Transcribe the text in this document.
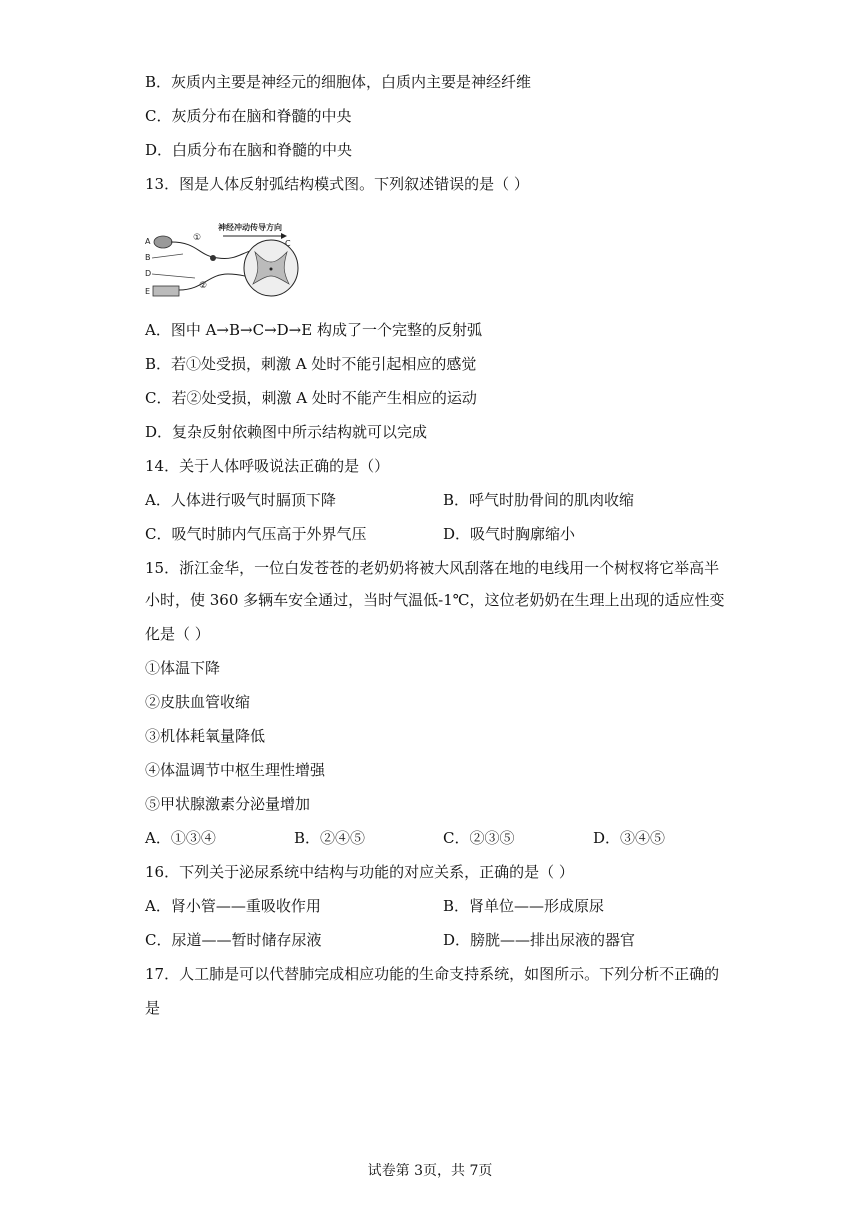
B．灰质内主要是神经元的细胞体，白质内主要是神经纤维
C．灰质分布在脑和脊髓的中央
D．白质分布在脑和脊髓的中央
13．图是人体反射弧结构模式图。下列叙述错误的是（ ）
神经冲动传导方向
A
B
D
E
C
①
②
A．图中 A→B→C→D→E 构成了一个完整的反射弧
B．若①处受损，刺激 A 处时不能引起相应的感觉
C．若②处受损，刺激 A 处时不能产生相应的运动
D．复杂反射依赖图中所示结构就可以完成
14．关于人体呼吸说法正确的是（）
A．人体进行吸气时膈顶下降	B．呼气时肋骨间的肌肉收缩
C．吸气时肺内气压高于外界气压	D．吸气时胸廓缩小
15．浙江金华，一位白发苍苍的老奶奶将被大风刮落在地的电线用一个树杈将它举高半
小时，使 360 多辆车安全通过，当时气温低-1℃，这位老奶奶在生理上出现的适应性变
化是（ ）
①体温下降
②皮肤血管收缩
③机体耗氧量降低
④体温调节中枢生理性增强
⑤甲状腺激素分泌量增加
A．①③④	B．②④⑤	C．②③⑤	D．③④⑤
16．下列关于泌尿系统中结构与功能的对应关系，正确的是（ ）
A．肾小管——重吸收作用	B．肾单位——形成原尿
C．尿道——暂时储存尿液	D．膀胱——排出尿液的器官
17．人工肺是可以代替肺完成相应功能的生命支持系统，如图所示。下列分析不正确的
是
试卷第 3页，共 7页
